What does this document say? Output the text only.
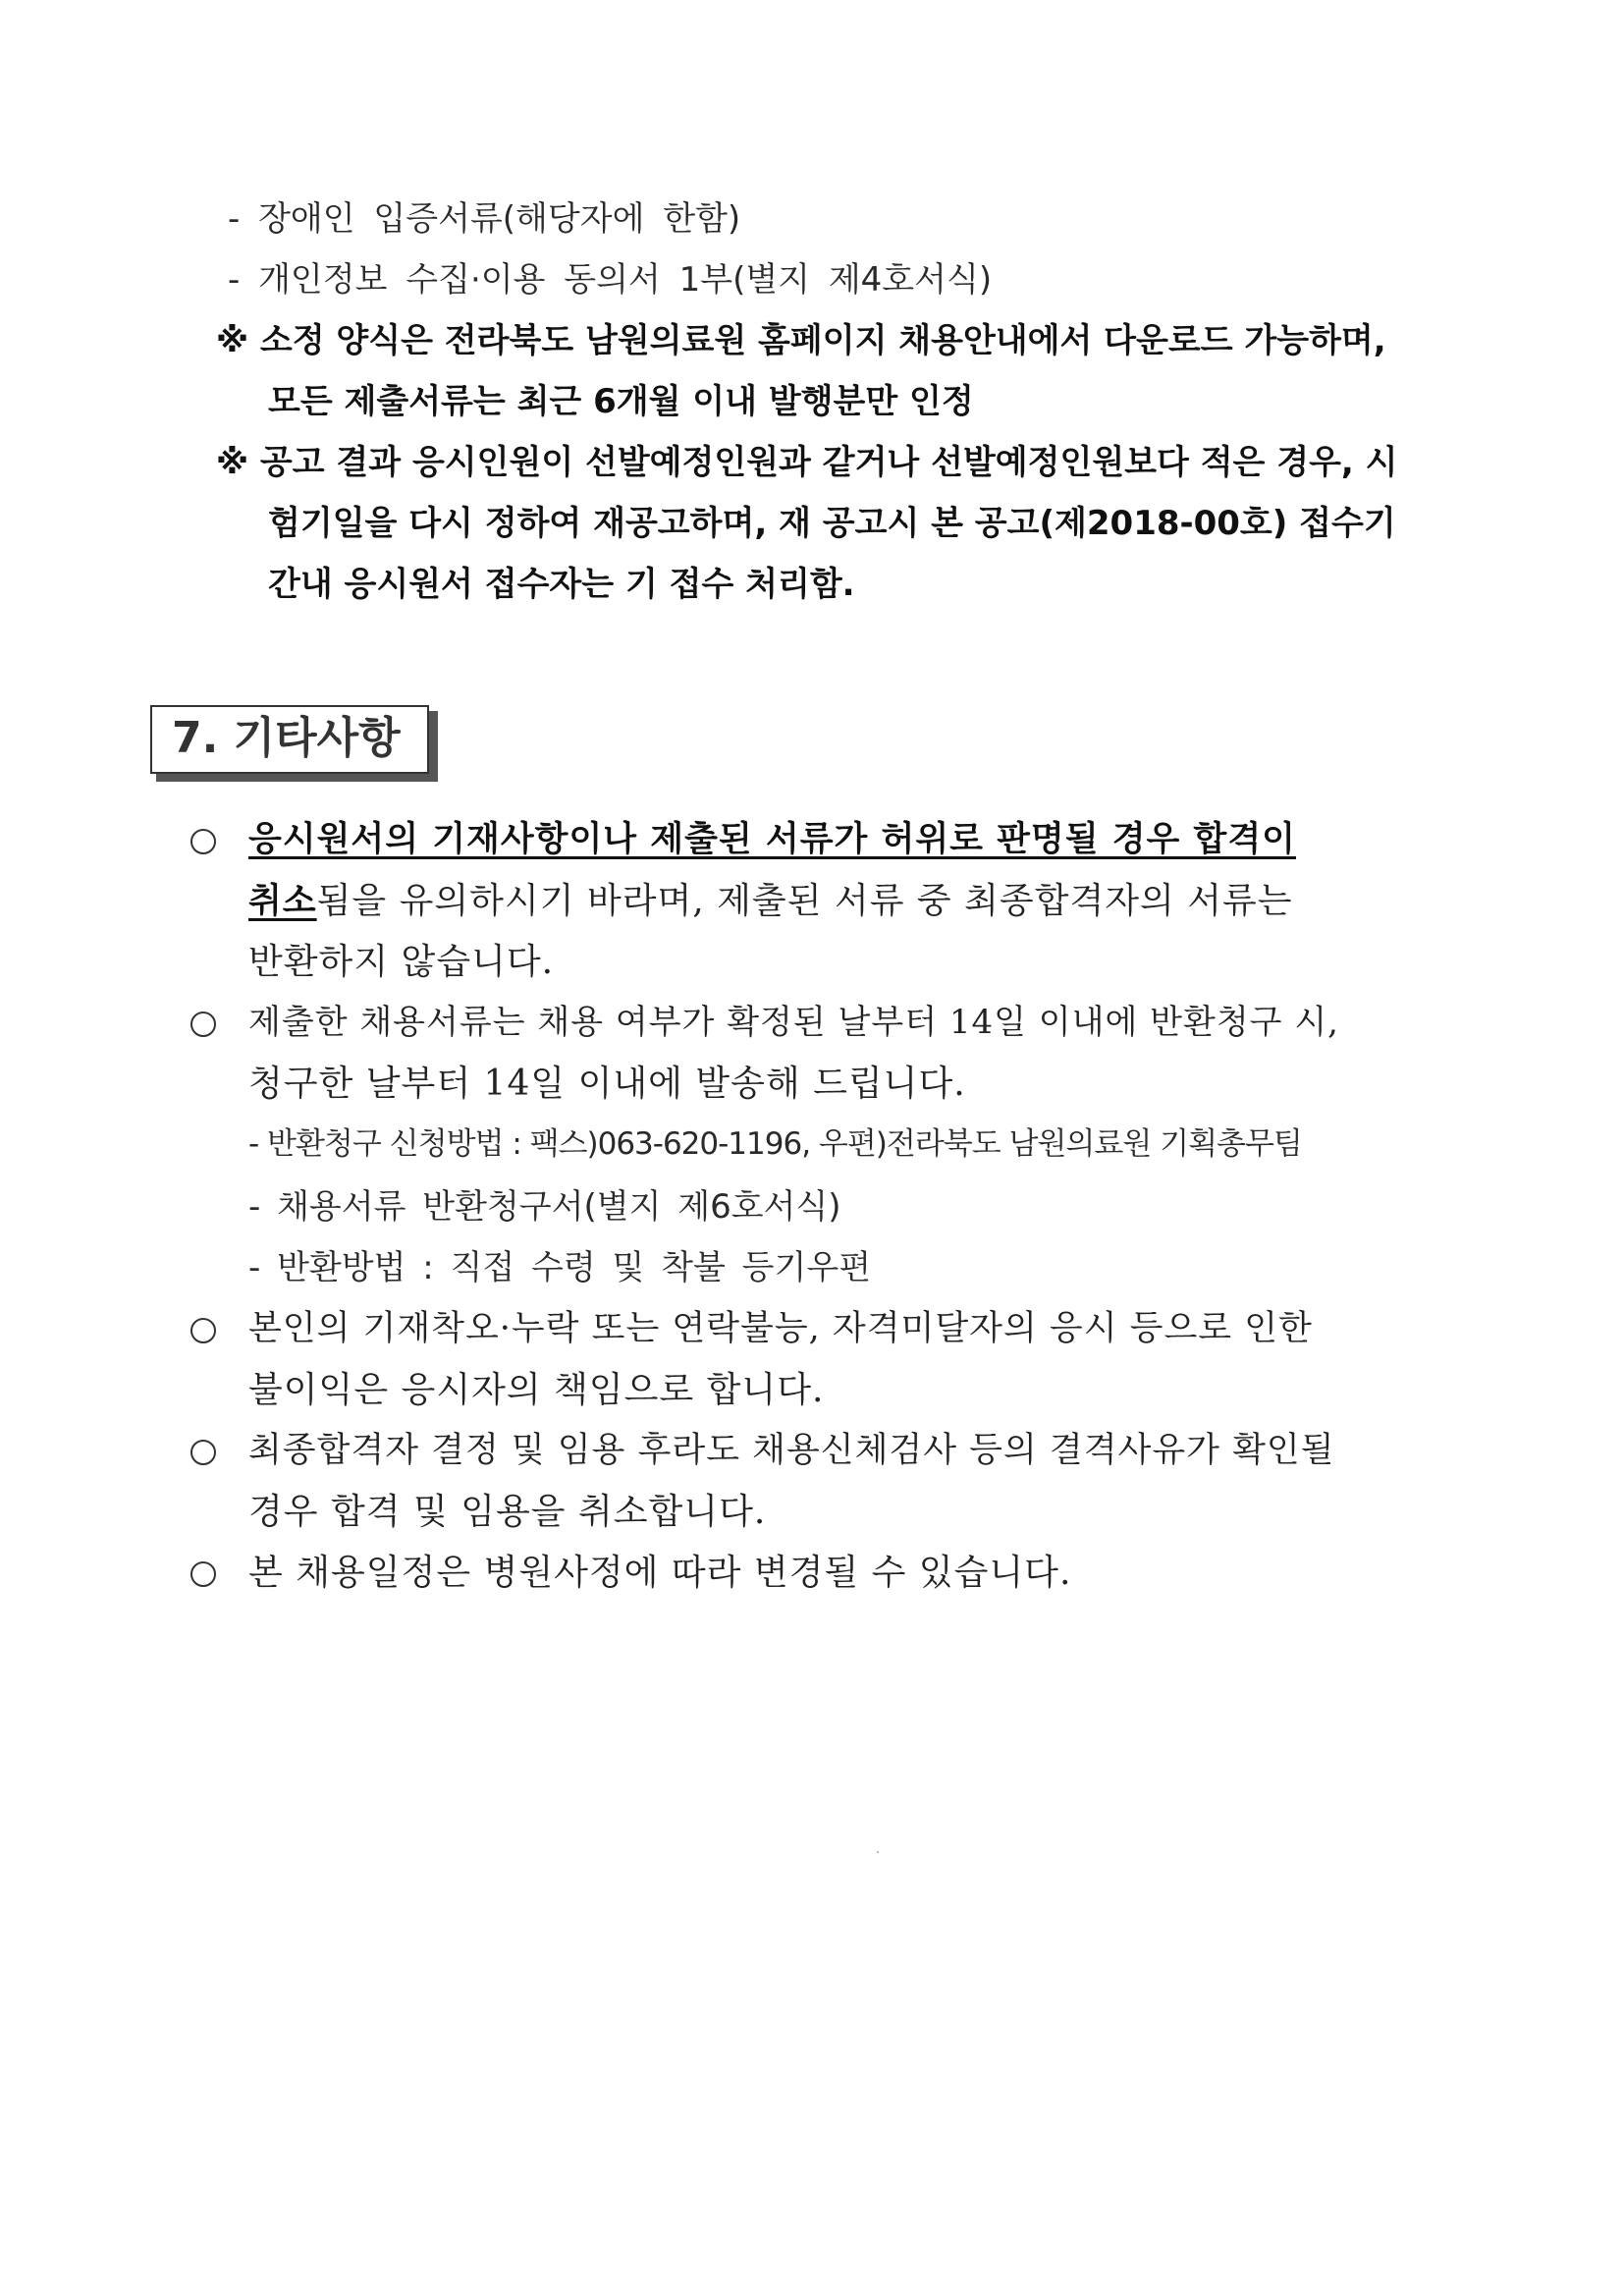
- 장애인 입증서류(해당자에 한함)
- 개인정보 수집·이용 동의서 1부(별지 제4호서식)
※ 소정 양식은 전라북도 남원의료원 홈페이지 채용안내에서 다운로드 가능하며,
모든 제출서류는 최근 6개월 이내 발행분만 인정
※ 공고 결과 응시인원이 선발예정인원과 같거나 선발예정인원보다 적은 경우, 시
험기일을 다시 정하여 재공고하며, 재 공고시 본 공고(제2018-00호) 접수기
간내 응시원서 접수자는 기 접수 처리함.
7. 기타사항
응시원서의 기재사항이나 제출된 서류가 허위로 판명될 경우 합격이
취소됨을 유의하시기 바라며, 제출된 서류 중 최종합격자의 서류는
반환하지 않습니다.
제출한 채용서류는 채용 여부가 확정된 날부터 14일 이내에 반환청구 시,
청구한 날부터 14일 이내에 발송해 드립니다.
- 반환청구 신청방법 : 팩스)063-620-1196, 우편)전라북도 남원의료원 기획총무팀
- 채용서류 반환청구서(별지 제6호서식)
- 반환방법 : 직접 수령 및 착불 등기우편
본인의 기재착오·누락 또는 연락불능, 자격미달자의 응시 등으로 인한
불이익은 응시자의 책임으로 합니다.
최종합격자 결정 및 임용 후라도 채용신체검사 등의 결격사유가 확인될
경우 합격 및 임용을 취소합니다.
본 채용일정은 병원사정에 따라 변경될 수 있습니다.
